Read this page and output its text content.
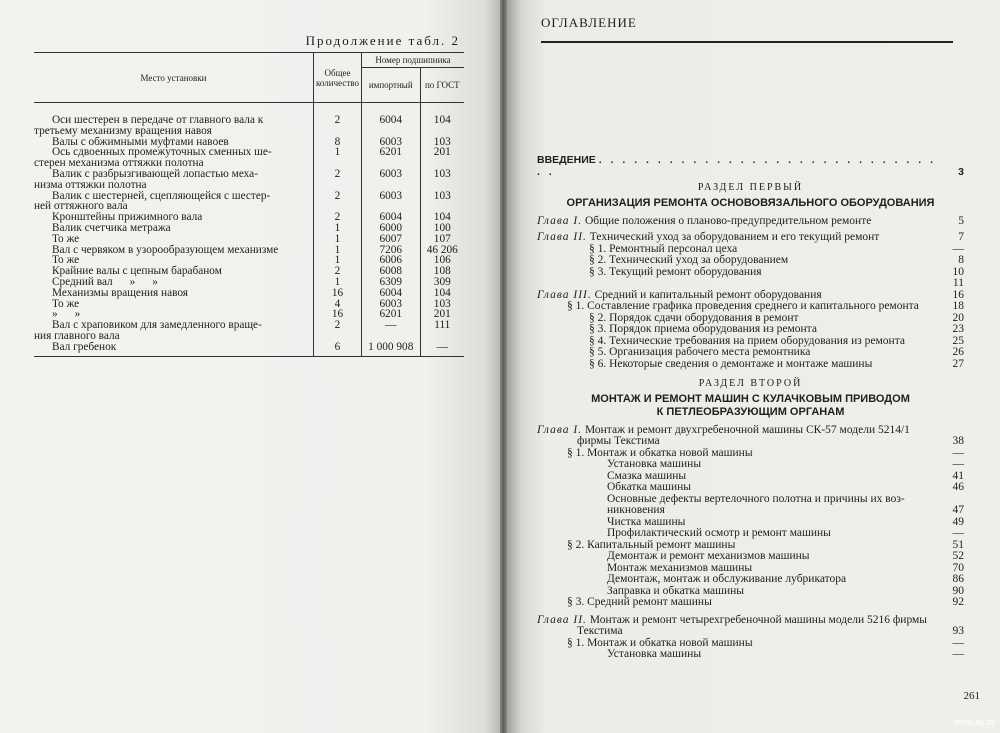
Продолжение табл. 2
Место установки	Общее количество	Номер подшипника	
		импортный	по ГОСТ

Оси шестерен в передаче от главного вала к
третьему механизму вращения навоя	2	6004	104

Валы с обжимными муфтами навоев	8	6003	103

Ось сдвоенных промежуточных сменных ше-
стерен механизма оттяжки полотна	1	6201	201

Валик с разбрызгивающей лопастью меха-
низма оттяжки полотна	2	6003	103

Валик с шестерней, сцепляющейся с шестер-
ней оттяжного вала	2	6003	103

Кронштейны прижимного вала	2	6004	104

Валик счетчика метража	1	6000	100

То же	1	6007	107

Вал с червяком в узорообразующем механизме	1	7206	46 206

То же	1	6006	106

Крайние валы с цепным барабаном	2	6008	108

Средний вал      »      »	1	6309	309

Механизмы вращения навоя	16	6004	104

То же	4	6003	103

»      »	16	6201	201

Вал с храповиком для замедленного враще-
ния главного вала	2	—	111

Вал гребенок	6	1 000 908	—
ОГЛАВЛЕНИЕ
ВВЕДЕНИЕ . . . . . . . . . . . . . . . . . . . . . . . . . . . . . . .	3
РАЗДЕЛ ПЕРВЫЙ
ОРГАНИЗАЦИЯ РЕМОНТА ОСНОВОВЯЗАЛЬНОГО ОБОРУДОВАНИЯ
Глава I. Общие положения о планово-предупредительном ремонте	5
Глава II. Технический уход за оборудованием и его текущий ремонт	7
§ 1. Ремонтный персонал цеха	—
§ 2. Технический уход за оборудованием	8
§ 3. Текущий ремонт оборудования	10
11
Глава III. Средний и капитальный ремонт оборудования	16
§ 1. Составление графика проведения среднего и капитального ремонта	18
§ 2. Порядок сдачи оборудования в ремонт	20
§ 3. Порядок приема оборудования из ремонта	23
§ 4. Технические требования на прием оборудования из ремонта	25
§ 5. Организация рабочего места ремонтника	26
§ 6. Некоторые сведения о демонтаже и монтаже машины	27
РАЗДЕЛ ВТОРОЙ
МОНТАЖ И РЕМОНТ МАШИН С КУЛАЧКОВЫМ ПРИВОДОМ
К ПЕТЛЕОБРАЗУЮЩИМ ОРГАНАМ
Глава I. Монтаж и ремонт двухгребеночной машины СК-57 модели 5214/1 фирмы Текстима	38
§ 1. Монтаж и обкатка новой машины	—
Установка машины	—
Смазка машины	41
Обкатка машины	46
Основные дефекты вертелочного полотна и причины их возникновения	47
Чистка машины	49
Профилактический осмотр и ремонт машины	—
§ 2. Капитальный ремонт машины	51
Демонтаж и ремонт механизмов машины	52
Монтаж механизмов машины	70
Демонтаж, монтаж и обслуживание лубрикатора	86
Заправка и обкатка машины	90
§ 3. Средний ремонт машины	92
Глава II. Монтаж и ремонт четырехгребеночной машины модели 5216 фирмы Текстима	93
§ 1. Монтаж и обкатка новой машины	—
Установка машины	—
261
www.ay.by
